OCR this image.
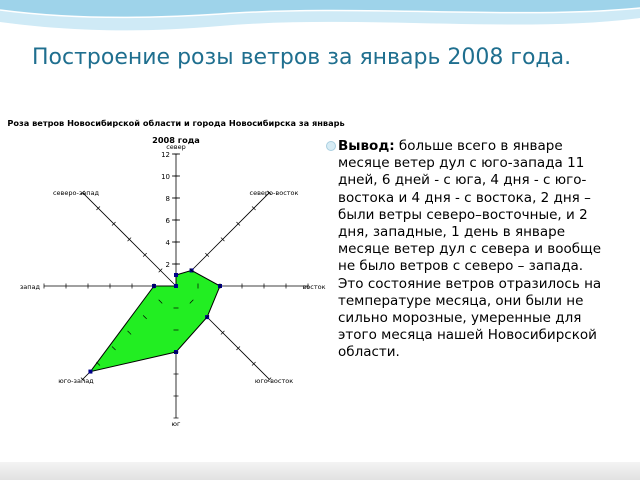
Построение розы ветров за январь 2008 года.
Роза ветров Новосибирской области и города Новосибирска за январь
2008 года
12
10
8
6
4
2
север
северо-восток
восток
юго-восток
юг
юго-запад
запад
северо-запад
Вывод: больше всего в январе месяце ветер дул с юго-запада 11 дней, 6 дней - с юга, 4 дня - с юго-востока и 4 дня - с востока, 2 дня – были ветры северо–восточные, и 2 дня, западные, 1 день в январе месяце ветер дул с севера и вообще не было ветров с северо – запада. Это состояние ветров отразилось на температуре месяца, они были не сильно морозные, умеренные для этого месяца нашей Новосибирской области.
